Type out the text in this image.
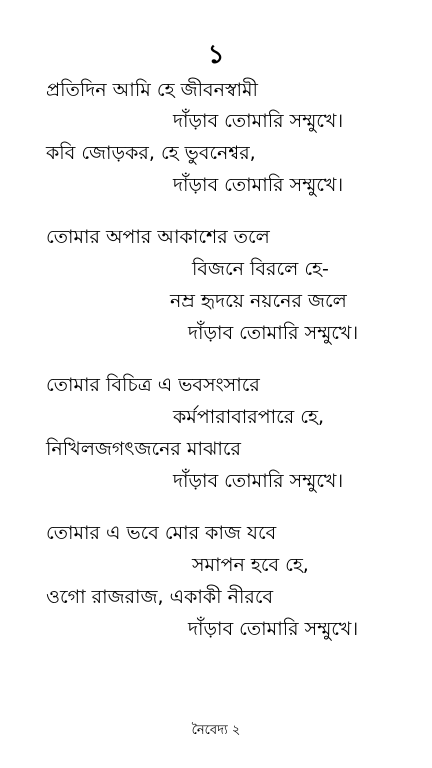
১
প্রতিদিন আমি হে জীবনস্বামী
দাঁড়াব তোমারি সম্মুখে।
কবি জোড়কর, হে ভুবনেশ্বর,
দাঁড়াব তোমারি সম্মুখে।
তোমার অপার আকাশের তলে
বিজনে বিরলে হে-
নম্র হৃদয়ে নয়নের জলে
দাঁড়াব তোমারি সম্মুখে।
তোমার বিচিত্র এ ভবসংসারে
কর্মপারাবারপারে হে,
নিখিলজগৎজনের মাঝারে
দাঁড়াব তোমারি সম্মুখে।
তোমার এ ভবে মোর কাজ যবে
সমাপন হবে হে,
ওগো রাজরাজ, একাকী নীরবে
দাঁড়াব তোমারি সম্মুখে।
নৈবেদ্য ২
